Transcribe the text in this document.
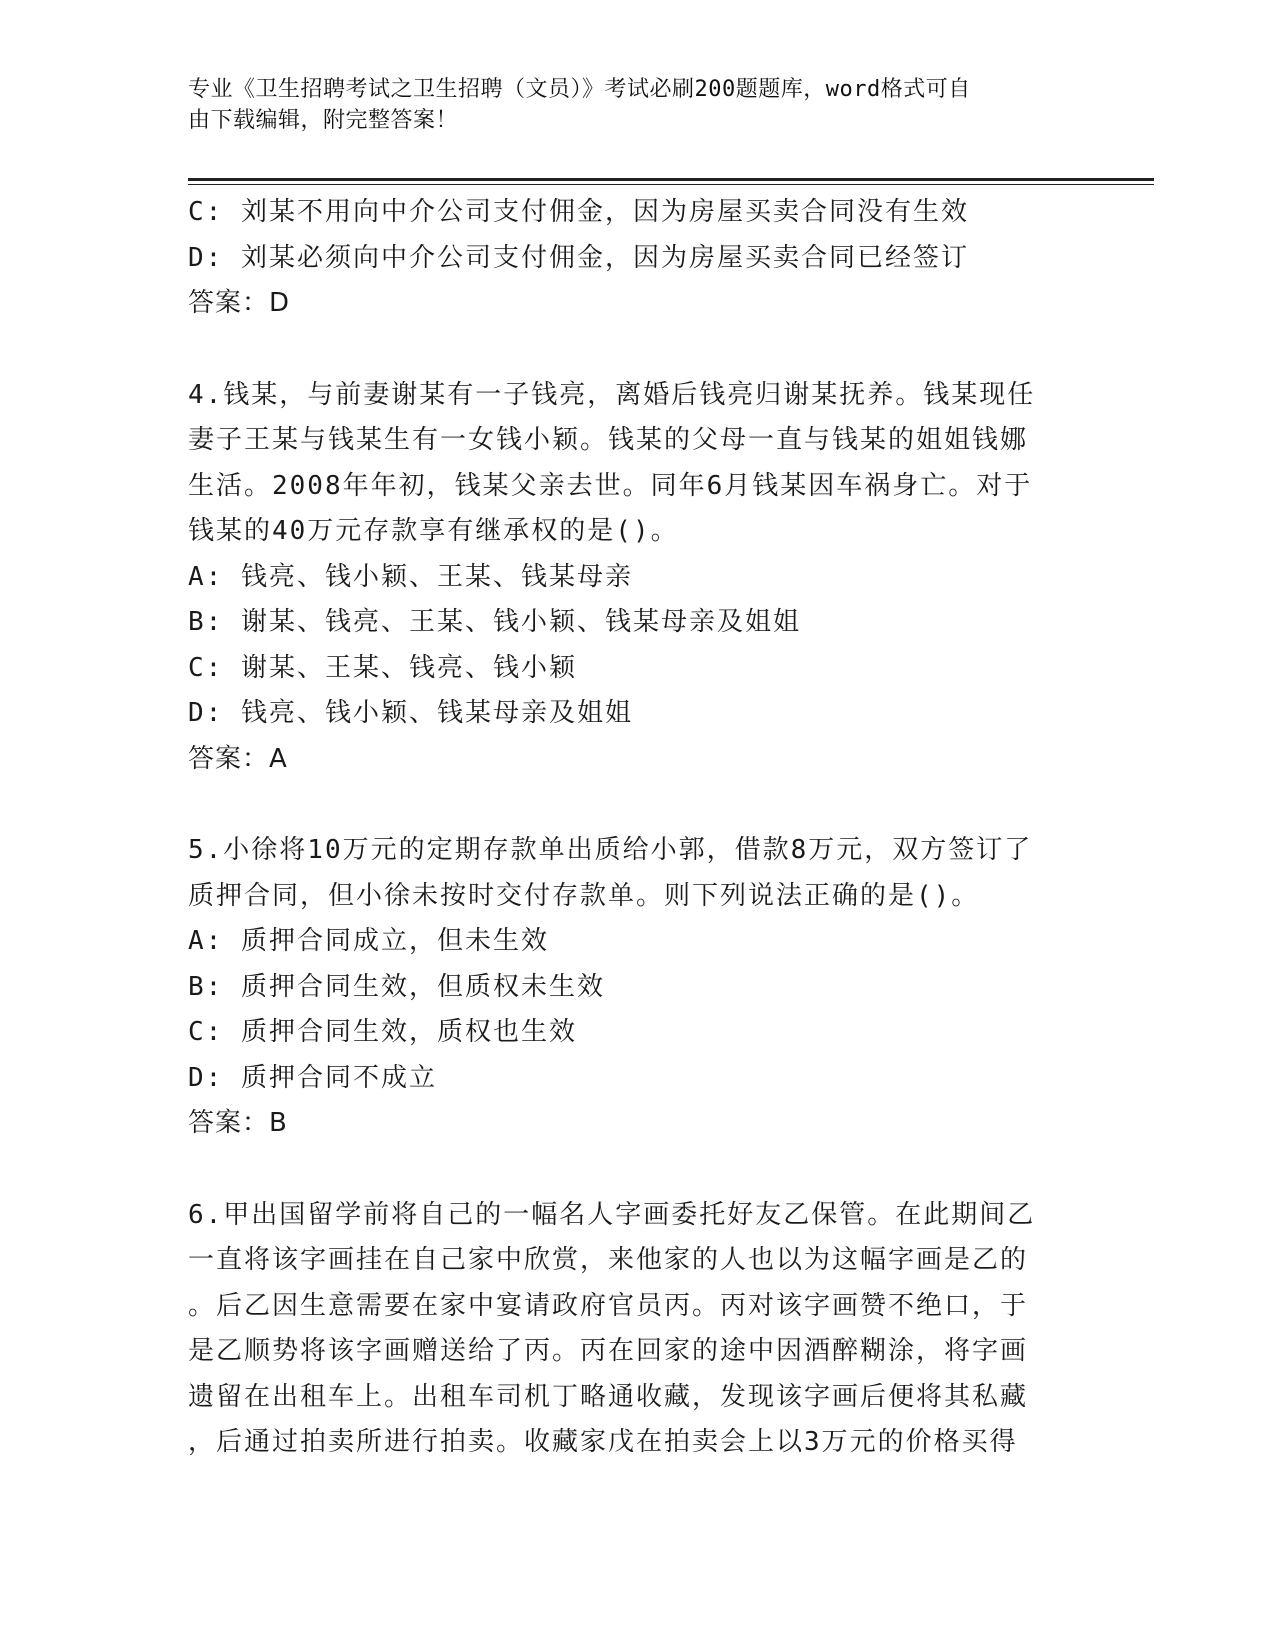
专业《卫生招聘考试之卫生招聘（文员）》考试必刷200题题库，word格式可自
由下载编辑，附完整答案！
C: 刘某不用向中介公司支付佣金，因为房屋买卖合同没有生效
D: 刘某必须向中介公司支付佣金，因为房屋买卖合同已经签订
答案：D
4.钱某，与前妻谢某有一子钱亮，离婚后钱亮归谢某抚养。钱某现任
妻子王某与钱某生有一女钱小颖。钱某的父母一直与钱某的姐姐钱娜
生活。2008年年初，钱某父亲去世。同年6月钱某因车祸身亡。对于
钱某的40万元存款享有继承权的是()。
A: 钱亮、钱小颖、王某、钱某母亲
B: 谢某、钱亮、王某、钱小颖、钱某母亲及姐姐
C: 谢某、王某、钱亮、钱小颖
D: 钱亮、钱小颖、钱某母亲及姐姐
答案：A
5.小徐将10万元的定期存款单出质给小郭，借款8万元，双方签订了
质押合同，但小徐未按时交付存款单。则下列说法正确的是()。
A: 质押合同成立，但未生效
B: 质押合同生效，但质权未生效
C: 质押合同生效，质权也生效
D: 质押合同不成立
答案：B
6.甲出国留学前将自己的一幅名人字画委托好友乙保管。在此期间乙
一直将该字画挂在自己家中欣赏，来他家的人也以为这幅字画是乙的
。后乙因生意需要在家中宴请政府官员丙。丙对该字画赞不绝口，于
是乙顺势将该字画赠送给了丙。丙在回家的途中因酒醉糊涂，将字画
遗留在出租车上。出租车司机丁略通收藏，发现该字画后便将其私藏
，后通过拍卖所进行拍卖。收藏家戊在拍卖会上以3万元的价格买得
